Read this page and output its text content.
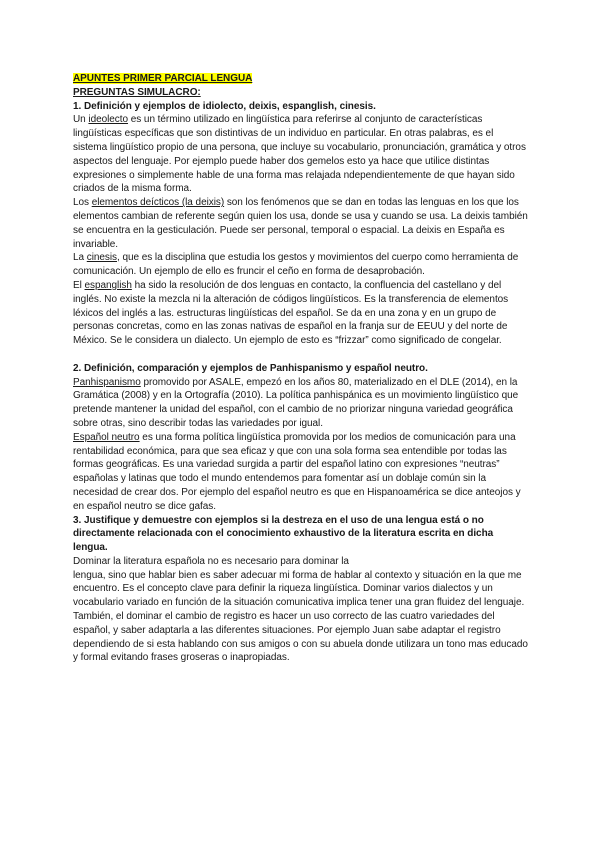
APUNTES PRIMER PARCIAL LENGUA
PREGUNTAS SIMULACRO:
1. Definición y ejemplos de idiolecto, deixis, espanglish, cinesis.

Un ideolecto es un término utilizado en lingüística para referirse al conjunto de características lingüísticas específicas que son distintivas de un individuo en particular. En otras palabras, es el sistema lingüístico propio de una persona, que incluye su vocabulario, pronunciación, gramática y otros aspectos del lenguaje. Por ejemplo puede haber dos gemelos esto ya hace que utilice distintas expresiones o simplemente hable de una forma mas relajada ndependientemente de que hayan sido criados de la misma forma.

Los elementos deícticos (la deixis) son los fenómenos que se dan en todas las lenguas en los que los elementos cambian de referente según quien los usa, donde se usa y cuando se usa. La deixis también se encuentra en la gesticulación. Puede ser personal, temporal o espacial. La deixis en España es invariable.

La cinesis, que es la disciplina que estudia los gestos y movimientos del cuerpo como herramienta de comunicación. Un ejemplo de ello es fruncir el ceño en forma de desaprobación.

El espanglish ha sido la resolución de dos lenguas en contacto, la confluencia del castellano y del inglés. No existe la mezcla ni la alteración de códigos lingüísticos. Es la transferencia de elementos léxicos del inglés a las. estructuras lingüísticas del español. Se da en una zona y en un grupo de personas concretas, como en las zonas nativas de español en la franja sur de EEUU y del norte de México. Se le considera un dialecto. Un ejemplo de esto es “frizzar” como significado de congelar.

2. Definición, comparación y ejemplos de Panhispanismo y español neutro.

Panhispanismo promovido por ASALE, empezó en los años 80, materializado en el DLE (2014), en la Gramática (2008) y en la Ortografía (2010). La política panhispánica es un movimiento lingüístico que pretende mantener la unidad del español, con el cambio de no priorizar ninguna variedad geográfica sobre otras, sino describir todas las variedades por igual.

Español neutro es una forma política lingüística promovida por los medios de comunicación para una rentabilidad económica, para que sea eficaz y que con una sola forma sea entendible por todas las formas geográficas. Es una variedad surgida a partir del español latino con expresiones “neutras” españolas y latinas que todo el mundo entendemos para fomentar así un doblaje común sin la necesidad de crear dos. Por ejemplo del español neutro es que en Hispanoamérica se dice anteojos y en español neutro se dice gafas.

3. Justifique y demuestre con ejemplos si la destreza en el uso de una lengua está o no directamente relacionada con el conocimiento exhaustivo de la literatura escrita en dicha lengua.

Dominar la literatura española no es necesario para dominar la

lengua, sino que hablar bien es saber adecuar mi forma de hablar al contexto y situación en la que me encuentro. Es el concepto clave para definir la riqueza lingüística. Dominar varios dialectos y un vocabulario variado en función de la situación comunicativa implica tener una gran fluidez del lenguaje. También, el dominar el cambio de registro es hacer un uso correcto de las cuatro variedades del español, y saber adaptarla a las diferentes situaciones. Por ejemplo Juan sabe adaptar el registro dependiendo de si esta hablando con sus amigos o con su abuela donde utilizara un tono mas educado y formal evitando frases groseras o inapropiadas.
